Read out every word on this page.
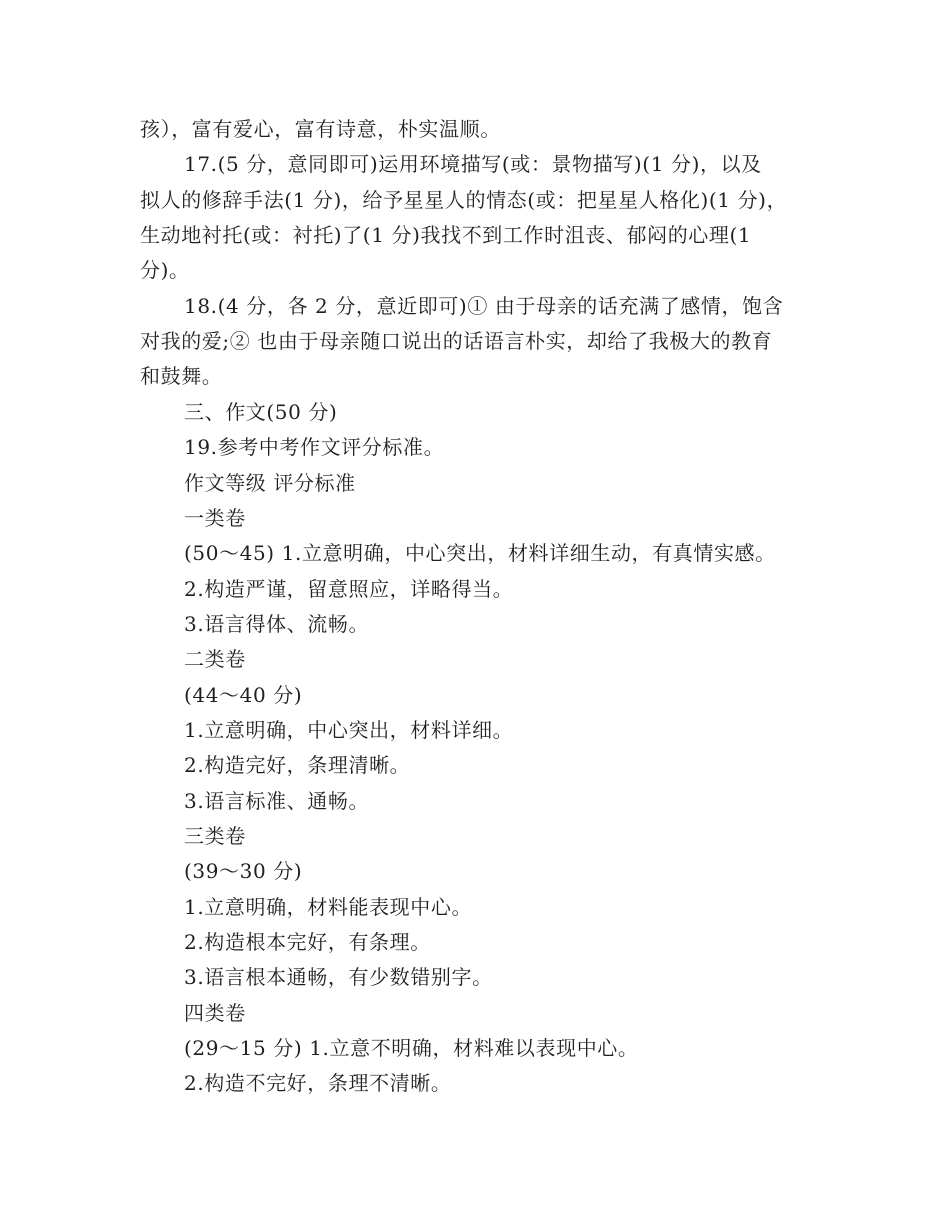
孩），富有爱心，富有诗意，朴实温顺。
17.(5 分，意同即可)运用环境描写(或：景物描写)(1 分)，以及
拟人的修辞手法(1 分)，给予星星人的情态(或：把星星人格化)(1 分)，
生动地衬托(或：衬托)了(1 分)我找不到工作时沮丧、郁闷的心理(1
分)。
18.(4 分，各 2 分，意近即可)① 由于母亲的话充满了感情，饱含
对我的爱;② 也由于母亲随口说出的话语言朴实，却给了我极大的教育
和鼓舞。
三、作文(50 分)
19.参考中考作文评分标准。
作文等级 评分标准
一类卷
(50～45) 1.立意明确，中心突出，材料详细生动，有真情实感。
2.构造严谨，留意照应，详略得当。
3.语言得体、流畅。
二类卷
(44～40 分)
1.立意明确，中心突出，材料详细。
2.构造完好，条理清晰。
3.语言标准、通畅。
三类卷
(39～30 分)
1.立意明确，材料能表现中心。
2.构造根本完好，有条理。
3.语言根本通畅，有少数错别字。
四类卷
(29～15 分) 1.立意不明确，材料难以表现中心。
2.构造不完好，条理不清晰。
